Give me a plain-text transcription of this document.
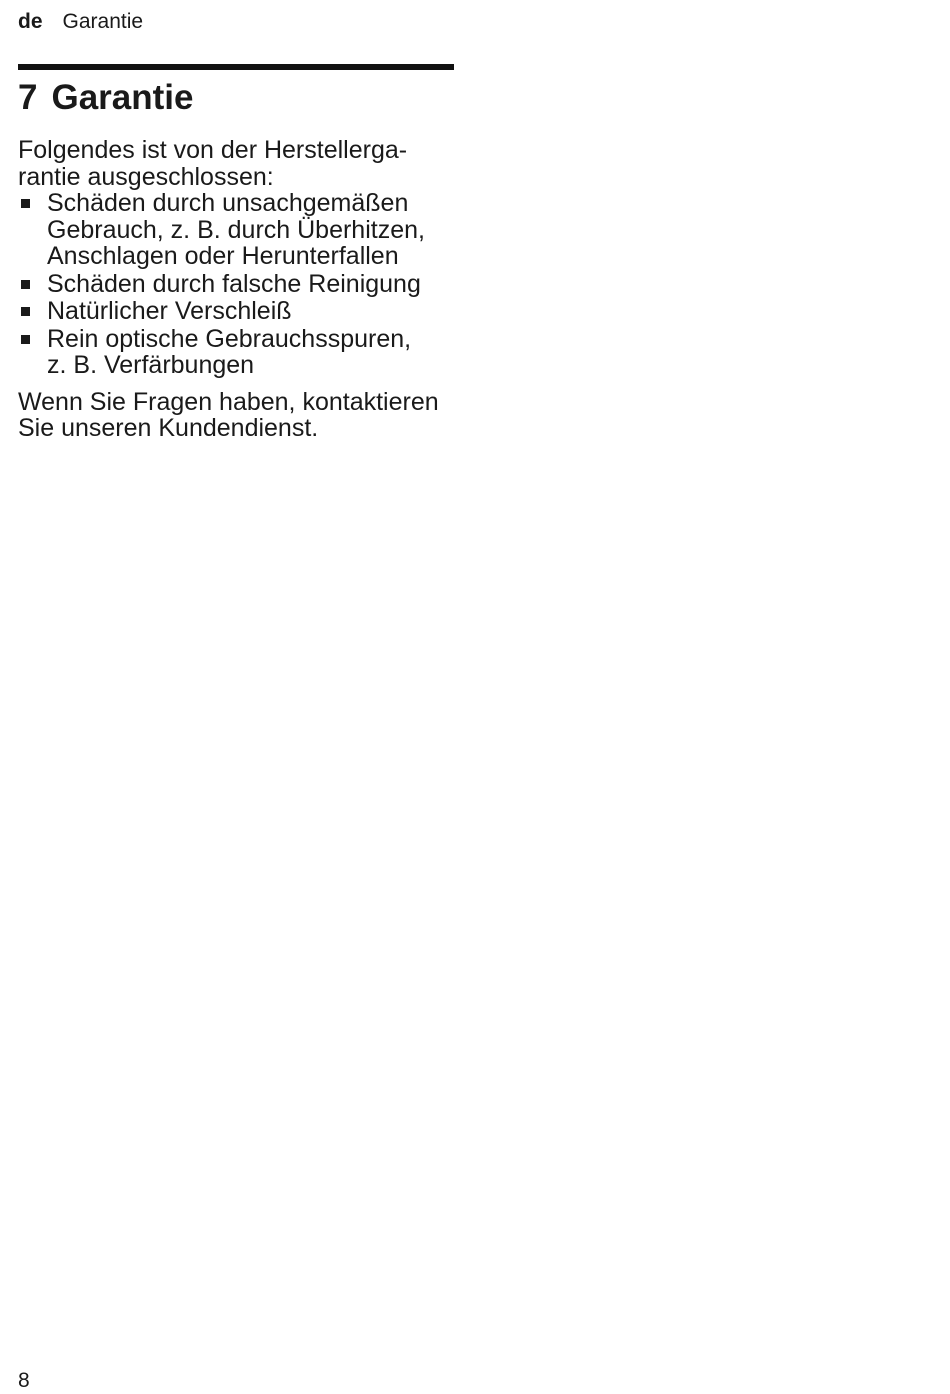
de Garantie
7 Garantie

Folgendes ist von der Herstellerga-
rantie ausgeschlossen:

Schäden durch unsachgemäßen
Gebrauch, z. B. durch Überhitzen,
Anschlagen oder Herunterfallen
Schäden durch falsche Reinigung
Natürlicher Verschleiß
Rein optische Gebrauchsspuren,
z. B. Verfärbungen

Wenn Sie Fragen haben, kontaktieren
Sie unseren Kundendienst.

8
